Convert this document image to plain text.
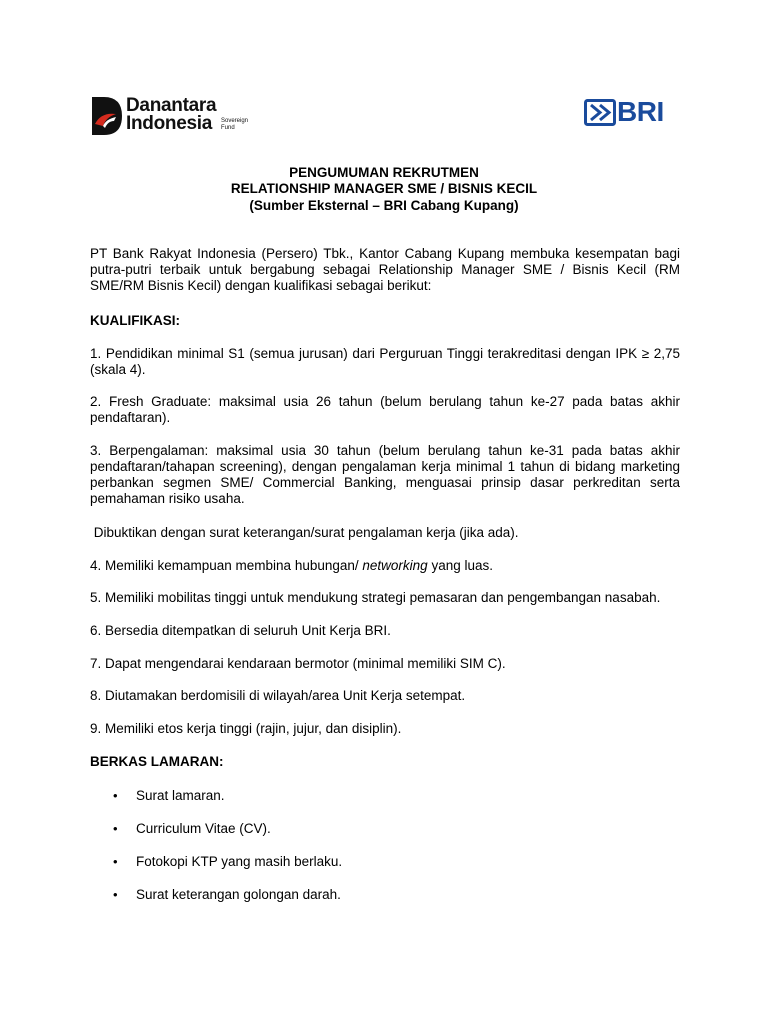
Danantara
Indonesia Sovereign
Fund
BRI
PENGUMUMAN REKRUTMEN
RELATIONSHIP MANAGER SME / BISNIS KECIL
(Sumber Eksternal – BRI Cabang Kupang)
PT Bank Rakyat Indonesia (Persero) Tbk., Kantor Cabang Kupang membuka kesempatan bagi putra-putri terbaik untuk bergabung sebagai Relationship Manager SME / Bisnis Kecil (RM SME/RM Bisnis Kecil) dengan kualifikasi sebagai berikut:
KUALIFIKASI:
1. Pendidikan minimal S1 (semua jurusan) dari Perguruan Tinggi terakreditasi dengan IPK ≥ 2,75 (skala 4).
2. Fresh Graduate: maksimal usia 26 tahun (belum berulang tahun ke-27 pada batas akhir pendaftaran).
3. Berpengalaman: maksimal usia 30 tahun (belum berulang tahun ke-31 pada batas akhir pendaftaran/tahapan screening), dengan pengalaman kerja minimal 1 tahun di bidang marketing perbankan segmen SME/ Commercial Banking, menguasai prinsip dasar perkreditan serta pemahaman risiko usaha.
Dibuktikan dengan surat keterangan/surat pengalaman kerja (jika ada).
4. Memiliki kemampuan membina hubungan/ networking yang luas.
5. Memiliki mobilitas tinggi untuk mendukung strategi pemasaran dan pengembangan nasabah.
6. Bersedia ditempatkan di seluruh Unit Kerja BRI.
7. Dapat mengendarai kendaraan bermotor (minimal memiliki SIM C).
8. Diutamakan berdomisili di wilayah/area Unit Kerja setempat.
9. Memiliki etos kerja tinggi (rajin, jujur, dan disiplin).
BERKAS LAMARAN:
• Surat lamaran.
• Curriculum Vitae (CV).
• Fotokopi KTP yang masih berlaku.
• Surat keterangan golongan darah.
